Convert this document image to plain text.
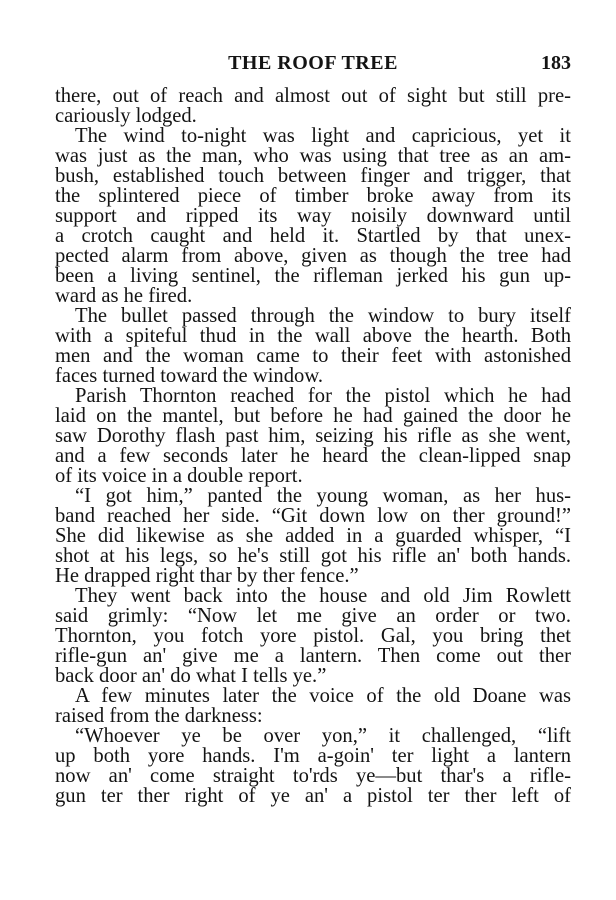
THE ROOF TREE	183
there, out of reach and almost out of sight but still pre-
cariously lodged.
The wind to-night was light and capricious, yet it
was just as the man, who was using that tree as an am-
bush, established touch between finger and trigger, that
the splintered piece of timber broke away from its
support and ripped its way noisily downward until
a crotch caught and held it. Startled by that unex-
pected alarm from above, given as though the tree had
been a living sentinel, the rifleman jerked his gun up-
ward as he fired.
The bullet passed through the window to bury itself
with a spiteful thud in the wall above the hearth. Both
men and the woman came to their feet with astonished
faces turned toward the window.
Parish Thornton reached for the pistol which he had
laid on the mantel, but before he had gained the door he
saw Dorothy flash past him, seizing his rifle as she went,
and a few seconds later he heard the clean-lipped snap
of its voice in a double report.
“I got him,” panted the young woman, as her hus-
band reached her side. “Git down low on ther ground!”
She did likewise as she added in a guarded whisper, “I
shot at his legs, so he's still got his rifle an' both hands.
He drapped right thar by ther fence.”
They went back into the house and old Jim Rowlett
said grimly: “Now let me give an order or two.
Thornton, you fotch yore pistol. Gal, you bring thet
rifle-gun an' give me a lantern. Then come out ther
back door an' do what I tells ye.”
A few minutes later the voice of the old Doane was
raised from the darkness:
“Whoever ye be over yon,” it challenged, “lift
up both yore hands. I'm a-goin' ter light a lantern
now an' come straight to'rds ye—but thar's a rifle-
gun ter ther right of ye an' a pistol ter ther left of
